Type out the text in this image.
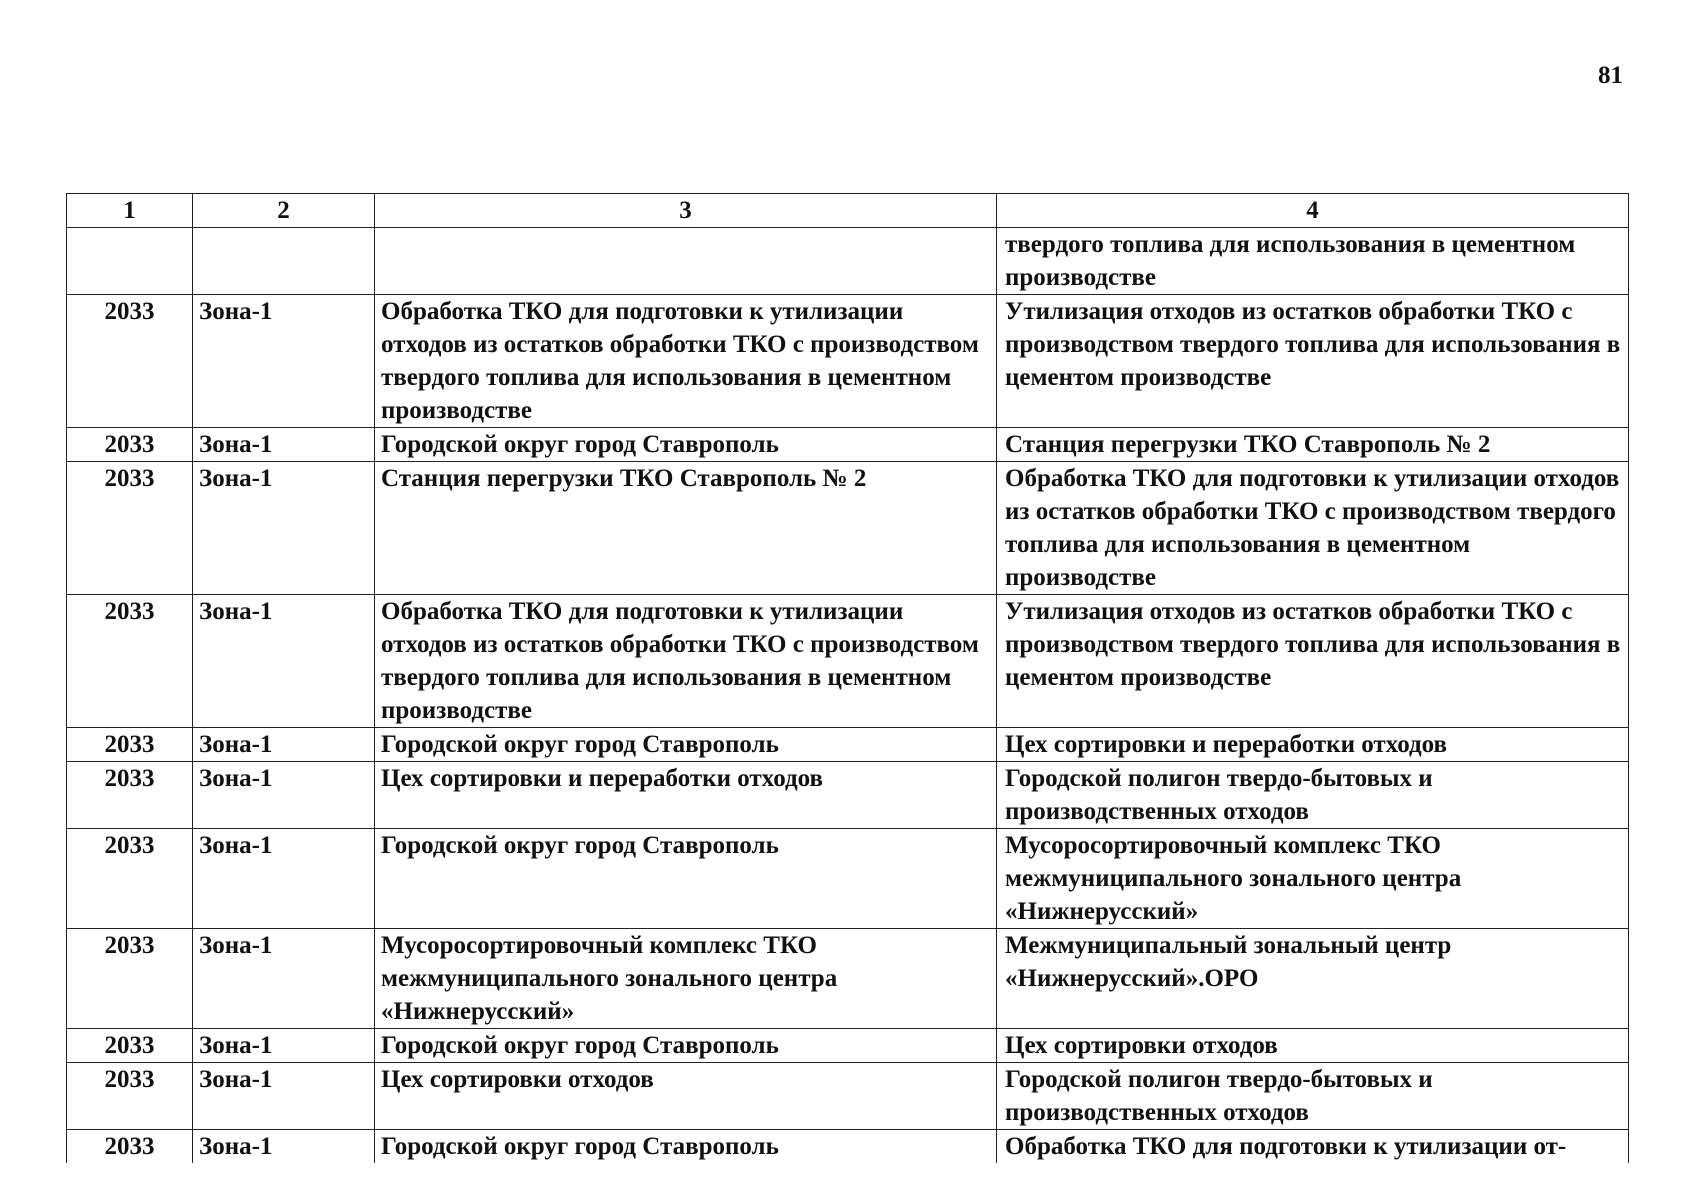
81
1	2	3	4
			твердого топлива для использования в цементном производстве
2033	Зона-1	Обработка ТКО для подготовки к утилизации отходов из остатков обработки ТКО с производством твердого топлива для использования в цементном производстве	Утилизация отходов из остатков обработки ТКО с производством твердого топлива для использования в цементом производстве
2033	Зона-1	Городской округ город Ставрополь	Станция перегрузки ТКО Ставрополь № 2
2033	Зона-1	Станция перегрузки ТКО Ставрополь № 2	Обработка ТКО для подготовки к утилизации отходов из остатков обработки ТКО с производством твердого топлива для использования в цементном производстве
2033	Зона-1	Обработка ТКО для подготовки к утилизации отходов из остатков обработки ТКО с производством твердого топлива для использования в цементном производстве	Утилизация отходов из остатков обработки ТКО с производством твердого топлива для использования в цементом производстве
2033	Зона-1	Городской округ город Ставрополь	Цех сортировки и переработки отходов
2033	Зона-1	Цех сортировки и переработки отходов	Городской полигон твердо-бытовых и производственных отходов
2033	Зона-1	Городской округ город Ставрополь	Мусоросортировочный комплекс ТКО межмуниципального зонального центра «Нижнерусский»
2033	Зона-1	Мусоросортировочный комплекс ТКО межмуниципального зонального центра «Нижнерусский»	Межмуниципальный зональный центр «Нижнерусский».ОРО
2033	Зона-1	Городской округ город Ставрополь	Цех сортировки отходов
2033	Зона-1	Цех сортировки отходов	Городской полигон твердо-бытовых и производственных отходов
2033	Зона-1	Городской округ город Ставрополь	Обработка ТКО для подготовки к утилизации от-
